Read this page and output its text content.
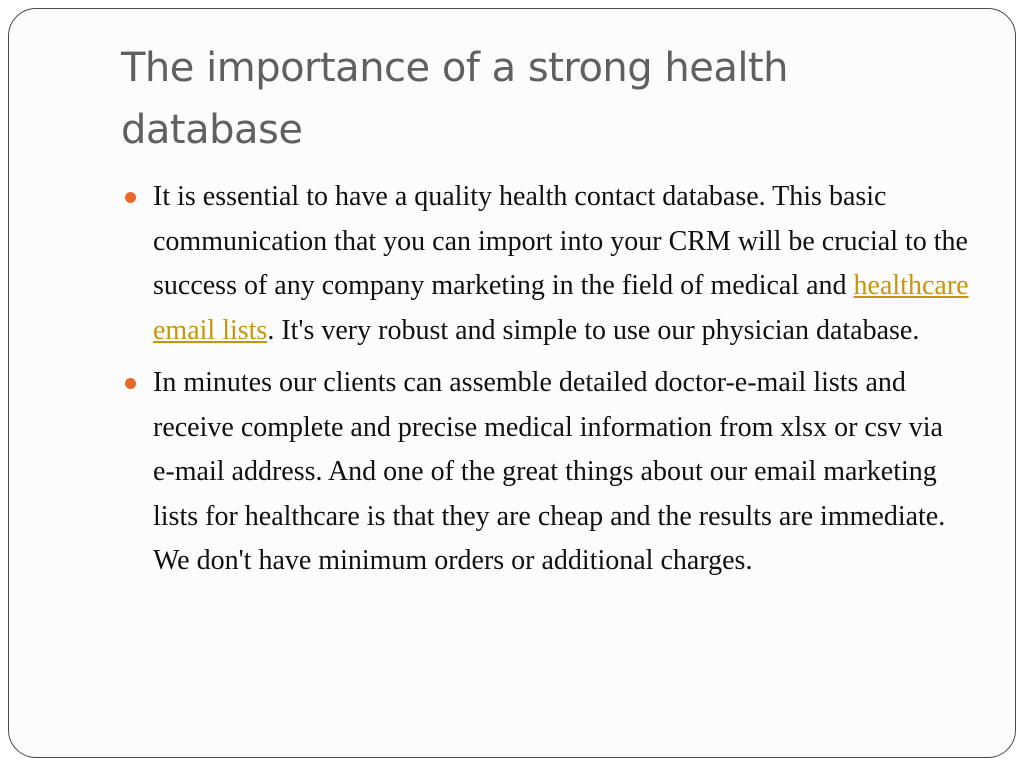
The importance of a strong health database
It is essential to have a quality health contact database. This basic communication that you can import into your CRM will be crucial to the success of any company marketing in the field of medical and healthcare email lists. It's very robust and simple to use our physician database.
In minutes our clients can assemble detailed doctor-e-mail lists and receive complete and precise medical information from xlsx or csv via e-mail address. And one of the great things about our email marketing lists for healthcare is that they are cheap and the results are immediate. We don't have minimum orders or additional charges.
